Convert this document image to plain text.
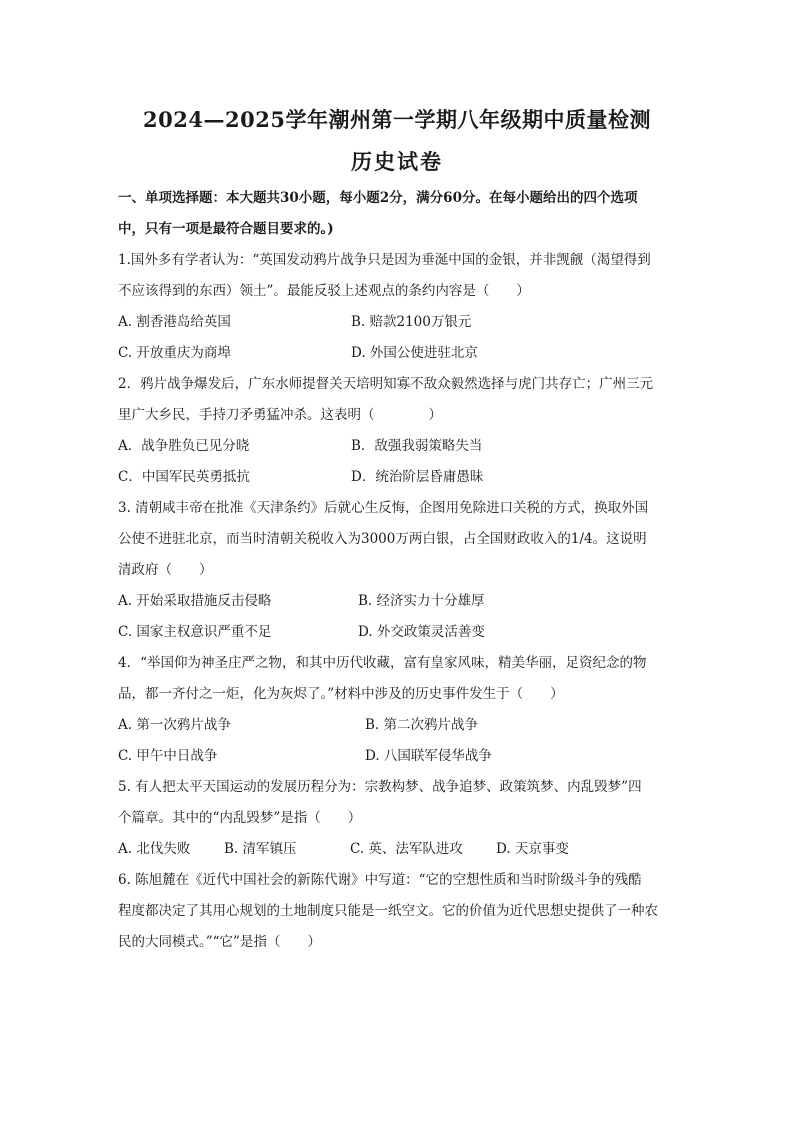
2024—2025学年潮州第一学期八年级期中质量检测
历史试卷
一、单项选择题：本大题共30小题，每小题2分，满分60分。在每小题给出的四个选项
中，只有一项是最符合题目要求的。)
1.国外多有学者认为：“英国发动鸦片战争只是因为垂涎中国的金银，并非觊觎（渴望得到
不应该得到的东西）领土”。最能反驳上述观点的条约内容是（　　）
A. 割香港岛给英国	B. 赔款2100万银元
C. 开放重庆为商埠	D. 外国公使进驻北京
2．鸦片战争爆发后，广东水师提督关天培明知寡不敌众毅然选择与虎门共存亡；广州三元
里广大乡民，手持刀矛勇猛冲杀。这表明（　　　　）
A．战争胜负已见分晓	B．敌强我弱策略失当
C．中国军民英勇抵抗	D．统治阶层昏庸愚昧
3. 清朝咸丰帝在批准《天津条约》后就心生反悔，企图用免除进口关税的方式，换取外国
公使不进驻北京，而当时清朝关税收入为3000万两白银，占全国财政收入的1/4。这说明
清政府（　　）
A. 开始采取措施反击侵略	B. 经济实力十分雄厚
C. 国家主权意识严重不足	D. 外交政策灵活善变
4．“举国仰为神圣庄严之物，和其中历代收藏，富有皇家风味，精美华丽，足资纪念的物
品，都一齐付之一炬，化为灰烬了。”材料中涉及的历史事件发生于（　　）
A. 第一次鸦片战争	B. 第二次鸦片战争
C. 甲午中日战争	D. 八国联军侵华战争
5. 有人把太平天国运动的发展历程分为：宗教构梦、战争追梦、政策筑梦、内乱毁梦”四
个篇章。其中的“内乱毁梦”是指（　　）
A. 北伐失败 B. 清军镇压	C. 英、法军队进攻 D. 天京事变
6. 陈旭麓在《近代中国社会的新陈代谢》中写道：“它的空想性质和当时阶级斗争的残酷
程度都决定了其用心规划的土地制度只能是一纸空文。它的价值为近代思想史提供了一种农
民的大同模式。”“它”是指（　　）
